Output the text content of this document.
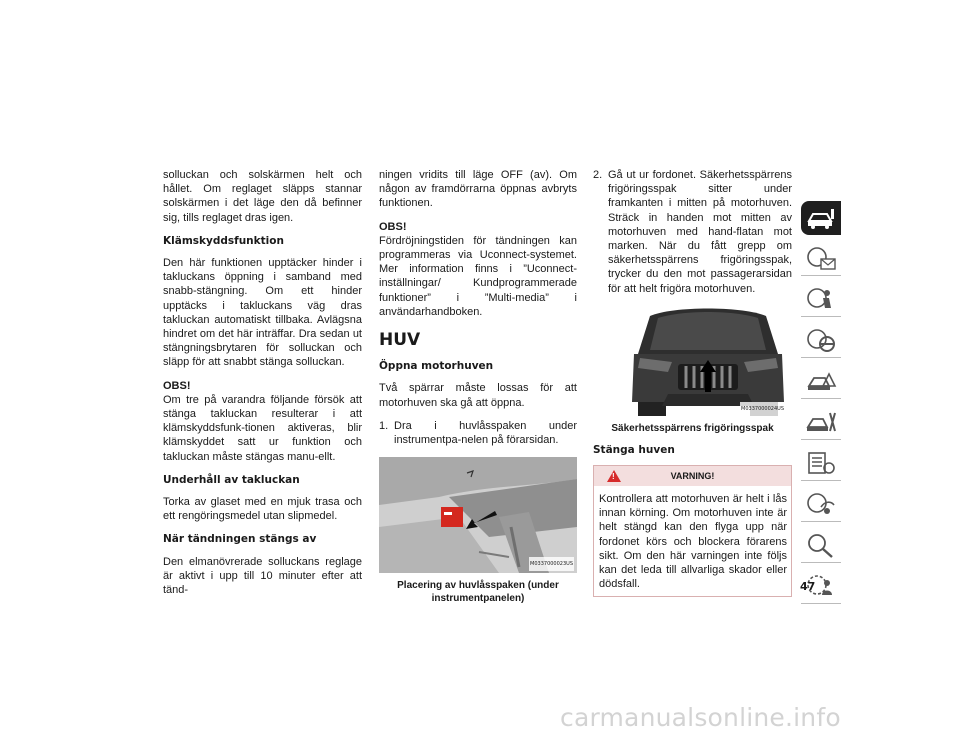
solluckan och solskärmen helt och hållet. Om reglaget släpps stannar solskärmen i det läge den då befinner sig, tills reglaget dras igen.

Klämskyddsfunktion

Den här funktionen upptäcker hinder i takluckans öppning i samband med snabb-stängning. Om ett hinder upptäcks i takluckans väg dras takluckan automatiskt tillbaka. Avlägsna hindret om det här inträffar. Dra sedan ut stängningsbrytaren för solluckan och släpp för att snabbt stänga solluckan.

OBS!

Om tre på varandra följande försök att stänga takluckan resulterar i att klämskyddsfunk-tionen aktiveras, blir klämskyddet satt ur funktion och takluckan måste stängas manu-ellt.

Underhåll av takluckan

Torka av glaset med en mjuk trasa och ett rengöringsmedel utan slipmedel.

När tändningen stängs av

Den elmanövrerade solluckans reglage är aktivt i upp till 10 minuter efter att tänd-

ningen vridits till läge OFF (av). Om någon av framdörrarna öppnas avbryts funktionen.

OBS!

Fördröjningstiden för tändningen kan programmeras via Uconnect-systemet. Mer information finns i ”Uconnect-inställningar/ Kundprogrammerade funktioner” i ”Multi-media” i användarhandboken.

HUV
Öppna motorhuven

Två spärrar måste lossas för att motorhuven ska gå att öppna.

1. Dra i huvlåsspaken under instrumentpa-nelen på förarsidan.
M0337000023US
Placering av huvlåsspaken (under instrumentpanelen)
2. Gå ut ur fordonet. Säkerhetsspärrens frigöringsspak sitter under framkanten i mitten på motorhuven. Sträck in handen mot mitten av motorhuven med hand-flatan mot marken. När du fått grepp om säkerhetsspärrens frigöringsspak, trycker du den mot passagerarsidan för att helt frigöra motorhuven.
M0337000024US
Säkerhetsspärrens frigöringsspak
Stänga huven
!	VARNING!
Kontrollera att motorhuven är helt i lås innan körning. Om motorhuven inte är helt stängd kan den flyga upp när fordonet körs och blockera förarens sikt. Om den här varningen inte följs kan det leda till allvarliga skador eller dödsfall.	47
carmanualsonline.info
